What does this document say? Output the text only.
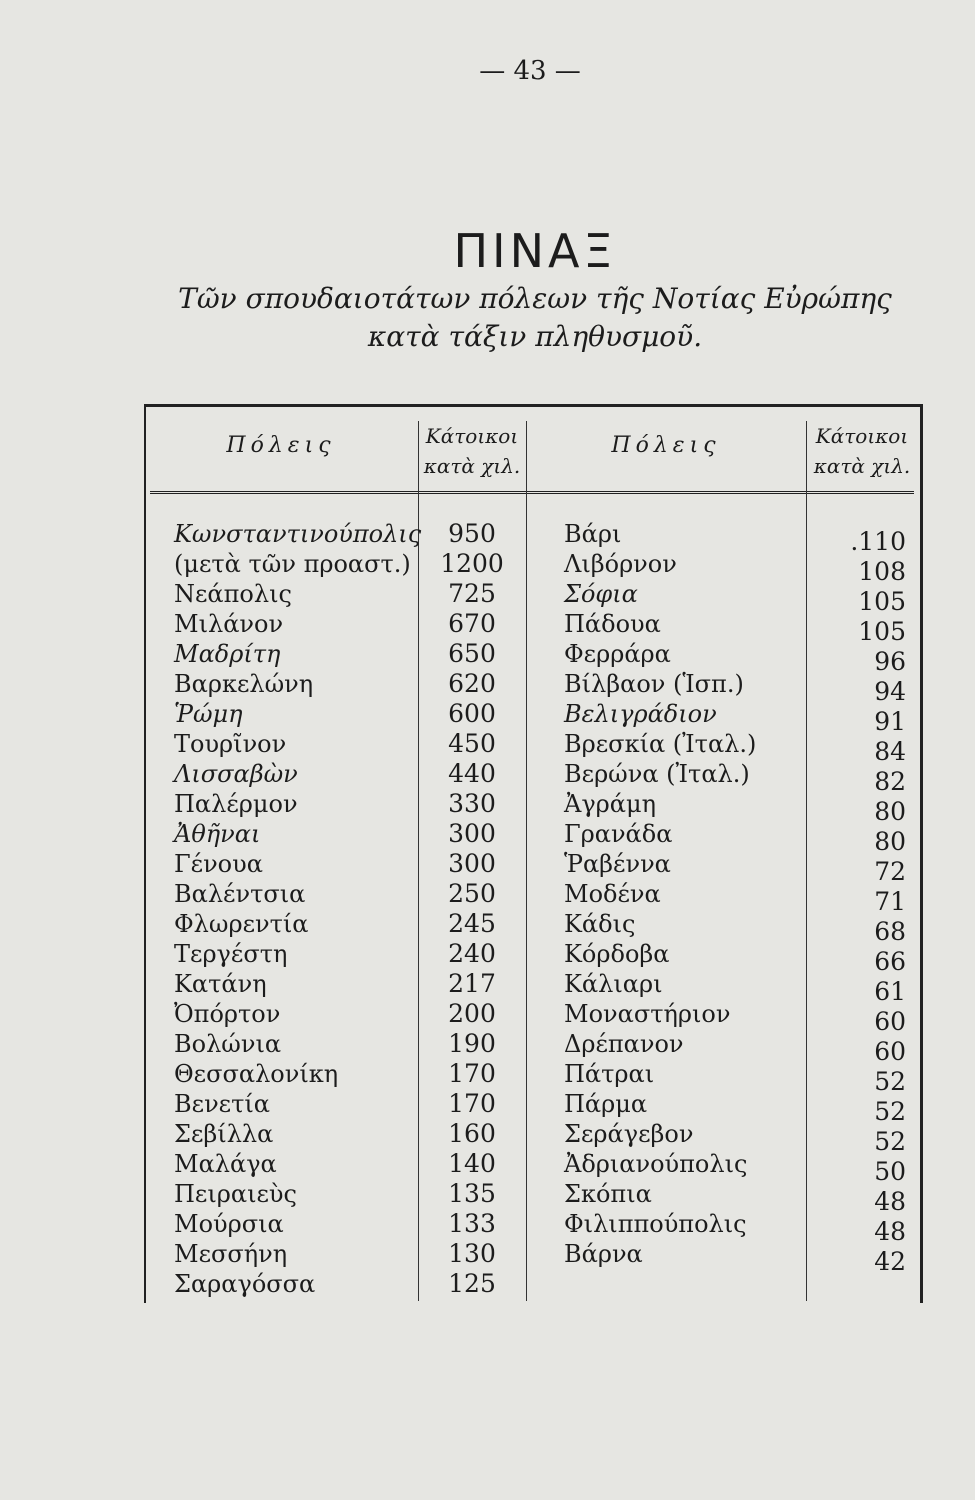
— 43 —
ΠΙΝΑΞ
Τῶν σπουδαιοτάτων πόλεων τῆς Νοτίας Εὐρώπης
κατὰ τάξιν πληθυσμοῦ.
Πόλεις	Κάτοικοι
κατὰ χιλ.
Πόλεις	Κάτοικοι
κατὰ χιλ.
Κωνσταντινούπολις
(μετὰ τῶν προαστ.)
Νεάπολις
Μιλάνον
Μαδρίτη
Βαρκελώνη
Ῥώμη
Τουρῖνον
Λισσαβὼν
Παλέρμον
Ἀθῆναι
Γένουα
Βαλέντσια
Φλωρεντία
Τεργέστη
Κατάνη
Ὀπόρτον
Βολώνια
Θεσσαλονίκη
Βενετία
Σεβίλλα
Μαλάγα
Πειραιεὺς
Μούρσια
Μεσσήνη
Σαραγόσσα
950
1200
725
670
650
620
600
450
440
330
300
300
250
245
240
217
200
190
170
170
160
140
135
133
130
125
Βάρι
Λιβόρνον
Σόφια
Πάδουα
Φερράρα
Βίλβαον (Ἱσπ.)
Βελιγράδιον
Βρεσκία (Ἰταλ.)
Βερώνα (Ἰταλ.)
Ἀγράμη
Γρανάδα
Ῥαβέννα
Μοδένα
Κάδις
Κόρδοβα
Κάλιαρι
Μοναστήριον
Δρέπανον
Πάτραι
Πάρμα
Σεράγεβον
Ἀδριανούπολις
Σκόπια
Φιλιππούπολις
Βάρνα
.110
108
105
105
96
94
91
84
82
80
80
72
71
68
66
61
60
60
52
52
52
50
48
48
42
